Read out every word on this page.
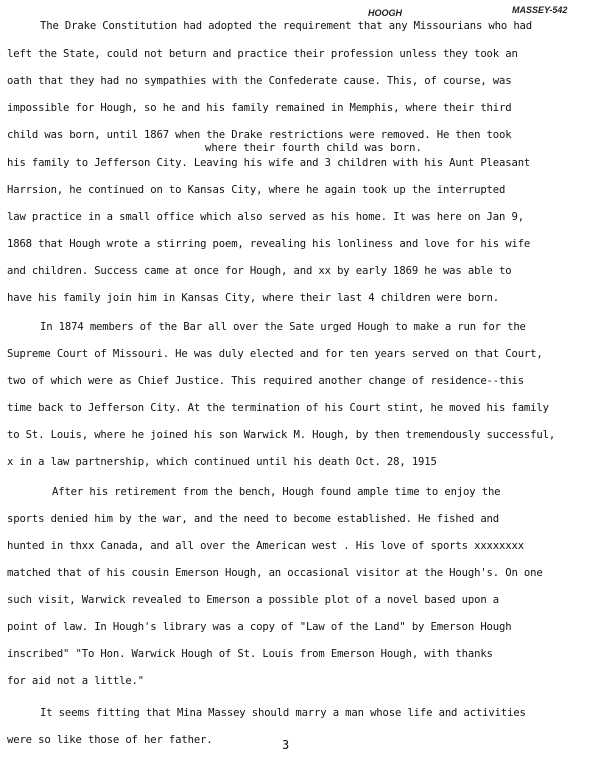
HOOGH	MASSEY-542
The Drake Constitution had adopted the requirement that any Missourians who had
left the State, could not beturn and practice their profession unless they took an
oath that they had no sympathies with the Confederate cause. This, of course, was
impossible for Hough, so he and his family remained in Memphis, where their third
child was born, until 1867 when the Drake restrictions were removed. He then took
where their fourth child was born.
his family to Jefferson City. Leaving his wife and 3 children with his Aunt Pleasant
Harrsion, he continued on to Kansas City, where he again took up the interrupted
law practice in a small office which also served as his home. It was here on Jan 9,
1868 that Hough wrote a stirring poem, revealing his lonliness and love for his wife
and children. Success came at once for Hough, and xx by early 1869 he was able to
have his family join him in Kansas City, where their last 4 children were born.
In 1874 members of the Bar all over the Sate urged Hough to make a run for the
Supreme Court of Missouri. He was duly elected and for ten years served on that Court,
two of which were as Chief Justice. This required another change of residence--this
time back to Jefferson City. At the termination of his Court stint, he moved his family
to St. Louis, where he joined his son Warwick M. Hough, by then tremendously successful,
x in a law partnership, which continued until his death Oct. 28, 1915
After his retirement from the bench, Hough found ample time to enjoy the
sports denied him by the war, and the need to become established. He fished and
hunted in thxx Canada, and all over the American west . His love of sports xxxxxxxx
matched that of his cousin Emerson Hough, an occasional visitor at the Hough's. On one
such visit, Warwick revealed to Emerson a possible plot of a novel based upon a
point of law. In Hough's library was a copy of "Law of the Land" by Emerson Hough
inscribed" "To Hon. Warwick Hough of St. Louis from Emerson Hough, with thanks
for aid not a little."
It seems fitting that Mina Massey should marry a man whose life and activities
were so like those of her father.	3
